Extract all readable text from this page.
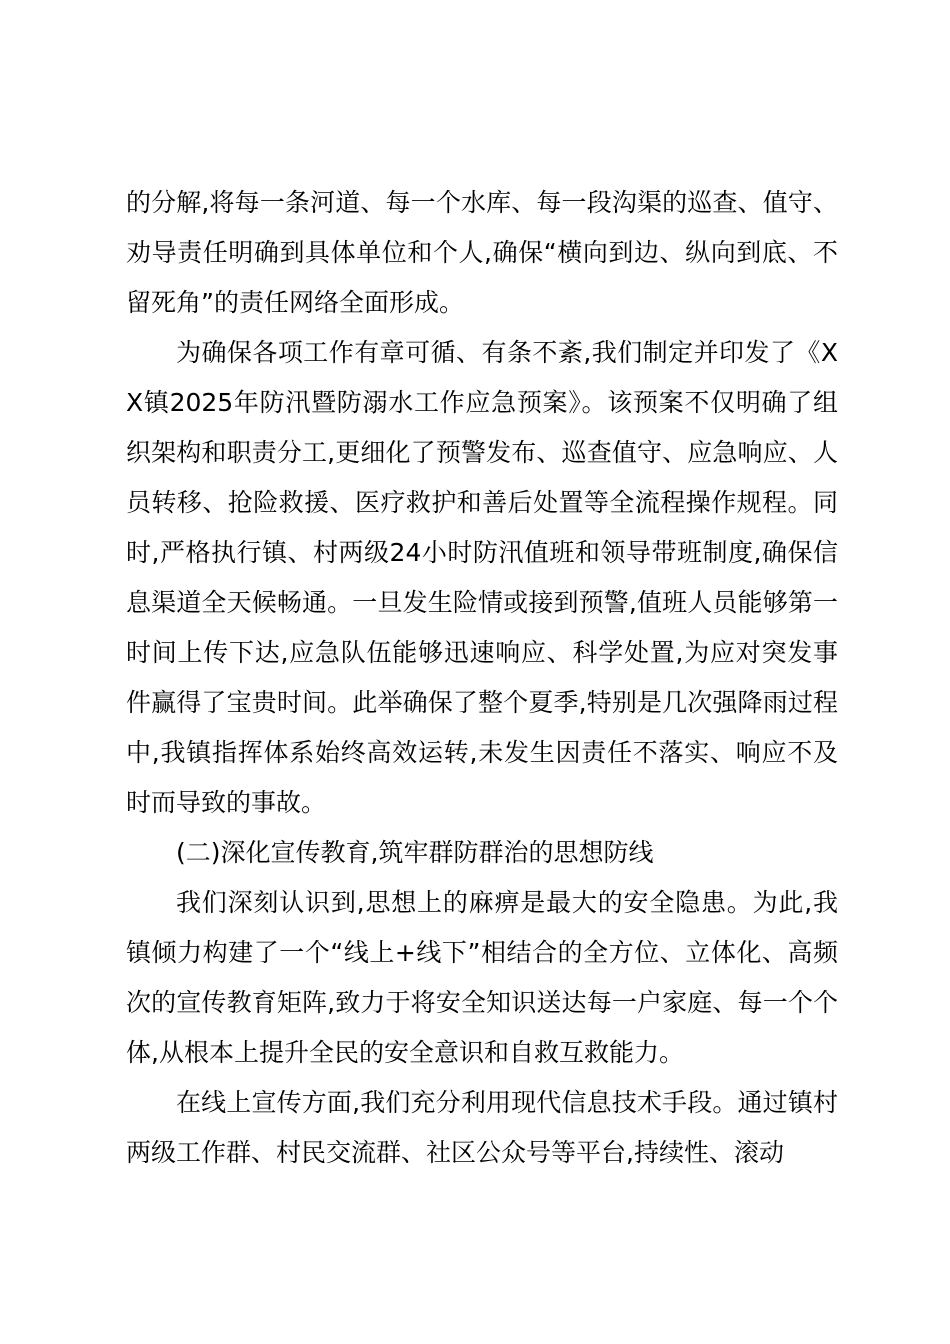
的分解,将每一条河道、每一个水库、每一段沟渠的巡查、值守、劝导责任明确到具体单位和个人,确保“横向到边、纵向到底、不留死角”的责任网络全面形成。

为确保各项工作有章可循、有条不紊,我们制定并印发了《XX镇2025年防汛暨防溺水工作应急预案》。该预案不仅明确了组织架构和职责分工,更细化了预警发布、巡查值守、应急响应、人员转移、抢险救援、医疗救护和善后处置等全流程操作规程。同时,严格执行镇、村两级24小时防汛值班和领导带班制度,确保信息渠道全天候畅通。一旦发生险情或接到预警,值班人员能够第一时间上传下达,应急队伍能够迅速响应、科学处置,为应对突发事件赢得了宝贵时间。此举确保了整个夏季,特别是几次强降雨过程中,我镇指挥体系始终高效运转,未发生因责任不落实、响应不及时而导致的事故。

(二)深化宣传教育,筑牢群防群治的思想防线

我们深刻认识到,思想上的麻痹是最大的安全隐患。为此,我镇倾力构建了一个“线上+线下”相结合的全方位、立体化、高频次的宣传教育矩阵,致力于将安全知识送达每一户家庭、每一个个体,从根本上提升全民的安全意识和自救互救能力。

在线上宣传方面,我们充分利用现代信息技术手段。通过镇村两级工作群、村民交流群、社区公众号等平台,持续性、滚动
